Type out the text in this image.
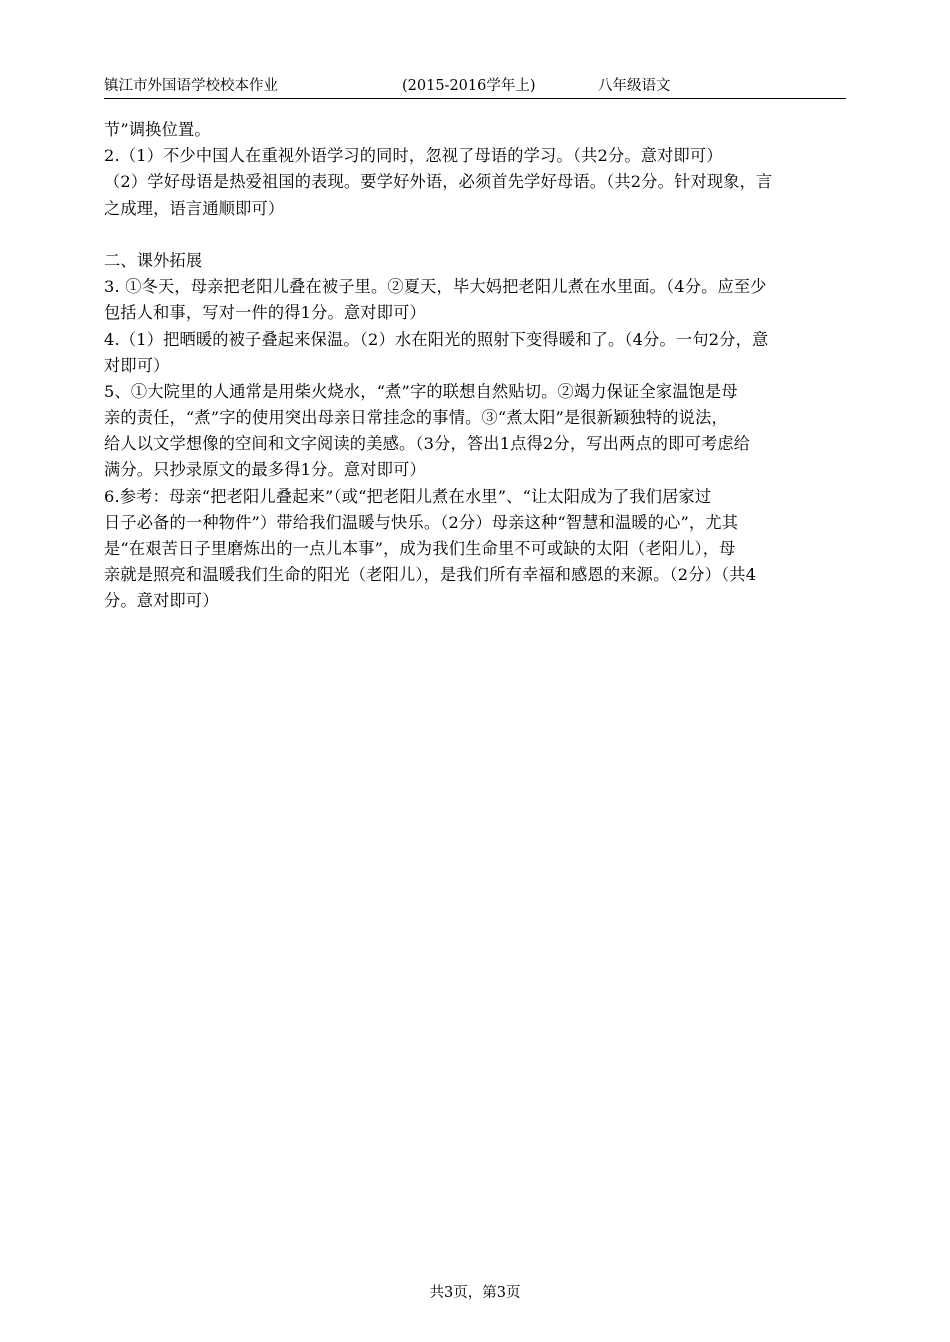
镇江市外国语学校校本作业	(2015-2016学年上)	八年级语文
节”调换位置。
2.（1）不少中国人在重视外语学习的同时，忽视了母语的学习。（共2分。意对即可）
（2）学好母语是热爱祖国的表现。要学好外语，必须首先学好母语。（共2分。针对现象，言
之成理，语言通顺即可）
二、课外拓展
3. ①冬天，母亲把老阳儿叠在被子里。②夏天，毕大妈把老阳儿煮在水里面。（4分。应至少
包括人和事，写对一件的得1分。意对即可）
4.（1）把晒暖的被子叠起来保温。（2）水在阳光的照射下变得暖和了。（4分。一句2分，意
对即可）
5、①大院里的人通常是用柴火烧水，“煮”字的联想自然贴切。②竭力保证全家温饱是母
亲的责任，“煮”字的使用突出母亲日常挂念的事情。③“煮太阳”是很新颖独特的说法，
给人以文学想像的空间和文字阅读的美感。（3分，答出1点得2分，写出两点的即可考虑给
满分。只抄录原文的最多得1分。意对即可）
6.参考：母亲“把老阳儿叠起来”（或“把老阳儿煮在水里”、“让太阳成为了我们居家过
日子必备的一种物件”）带给我们温暖与快乐。（2分）母亲这种“智慧和温暖的心”，尤其
是“在艰苦日子里磨炼出的一点儿本事”，成为我们生命里不可或缺的太阳（老阳儿），母
亲就是照亮和温暖我们生命的阳光（老阳儿），是我们所有幸福和感恩的来源。（2分）（共4
分。意对即可）
共3页，第3页
